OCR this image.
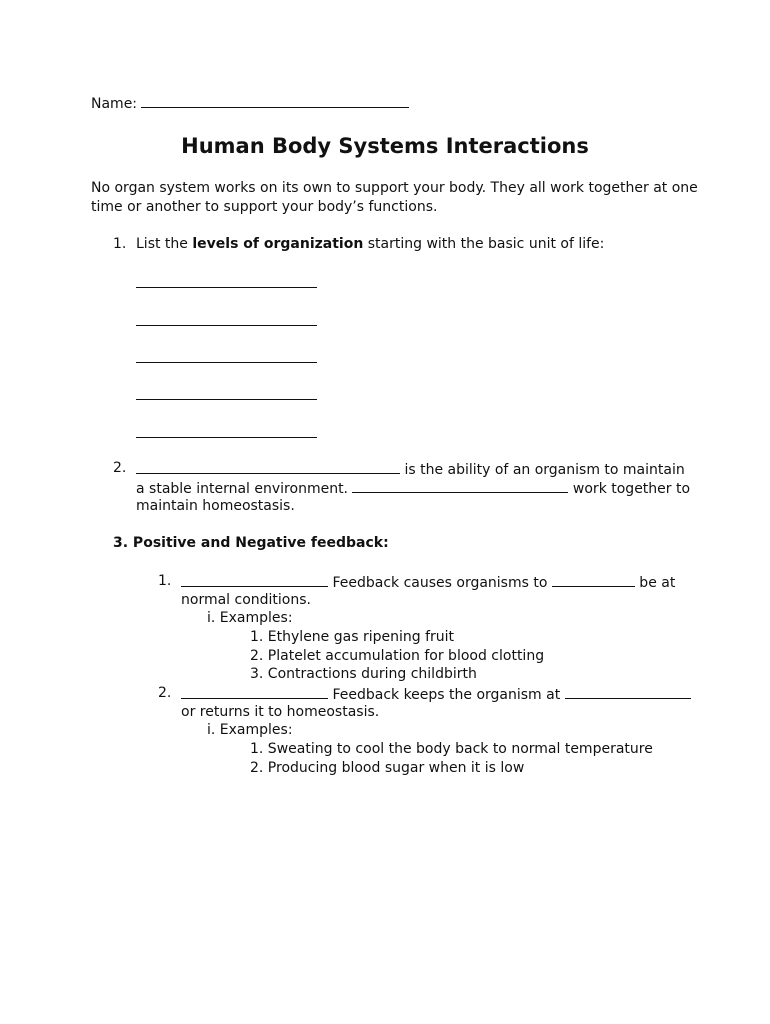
Name:
Human Body Systems Interactions
No organ system works on its own to support your body. They all work together at one
time or another to support your body’s functions.
1. List the levels of organization starting with the basic unit of life:
2.	is the ability of an organism to maintain
a stable internal environment.	work together to
maintain homeostasis.
3. Positive and Negative feedback:
1.	Feedback causes organisms to	be at
normal conditions.
i. Examples:
1. Ethylene gas ripening fruit
2. Platelet accumulation for blood clotting
3. Contractions during childbirth
2.	Feedback keeps the organism at
or returns it to homeostasis.
i. Examples:
1. Sweating to cool the body back to normal temperature
2. Producing blood sugar when it is low
